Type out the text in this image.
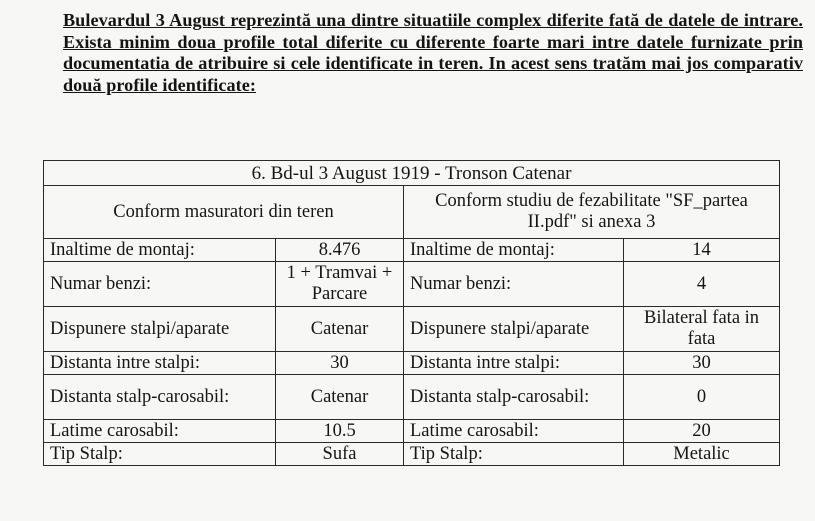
Bulevardul 3 August reprezintă una dintre situatiile complex diferite fată de datele de intrare. Exista minim doua profile total diferite cu diferente foarte mari intre datele furnizate prin documentatia de atribuire si cele identificate in teren. In acest sens tratăm mai jos comparativ două profile identificate:
6. Bd-ul 3 August 1919 - Tronson Catenar			
Conform masuratori din teren		Conform studiu de fezabilitate "SF_partea II.pdf" si anexa 3	
Inaltime de montaj:	8.476	Inaltime de montaj:	14
Numar benzi:	1 + Tramvai + Parcare	Numar benzi:	4
Dispunere stalpi/aparate	Catenar	Dispunere stalpi/aparate	Bilateral fata in fata
Distanta intre stalpi:	30	Distanta intre stalpi:	30
Distanta stalp-carosabil:	Catenar	Distanta stalp-carosabil:	0
Latime carosabil:	10.5	Latime carosabil:	20
Tip Stalp:	Sufa	Tip Stalp:	Metalic
